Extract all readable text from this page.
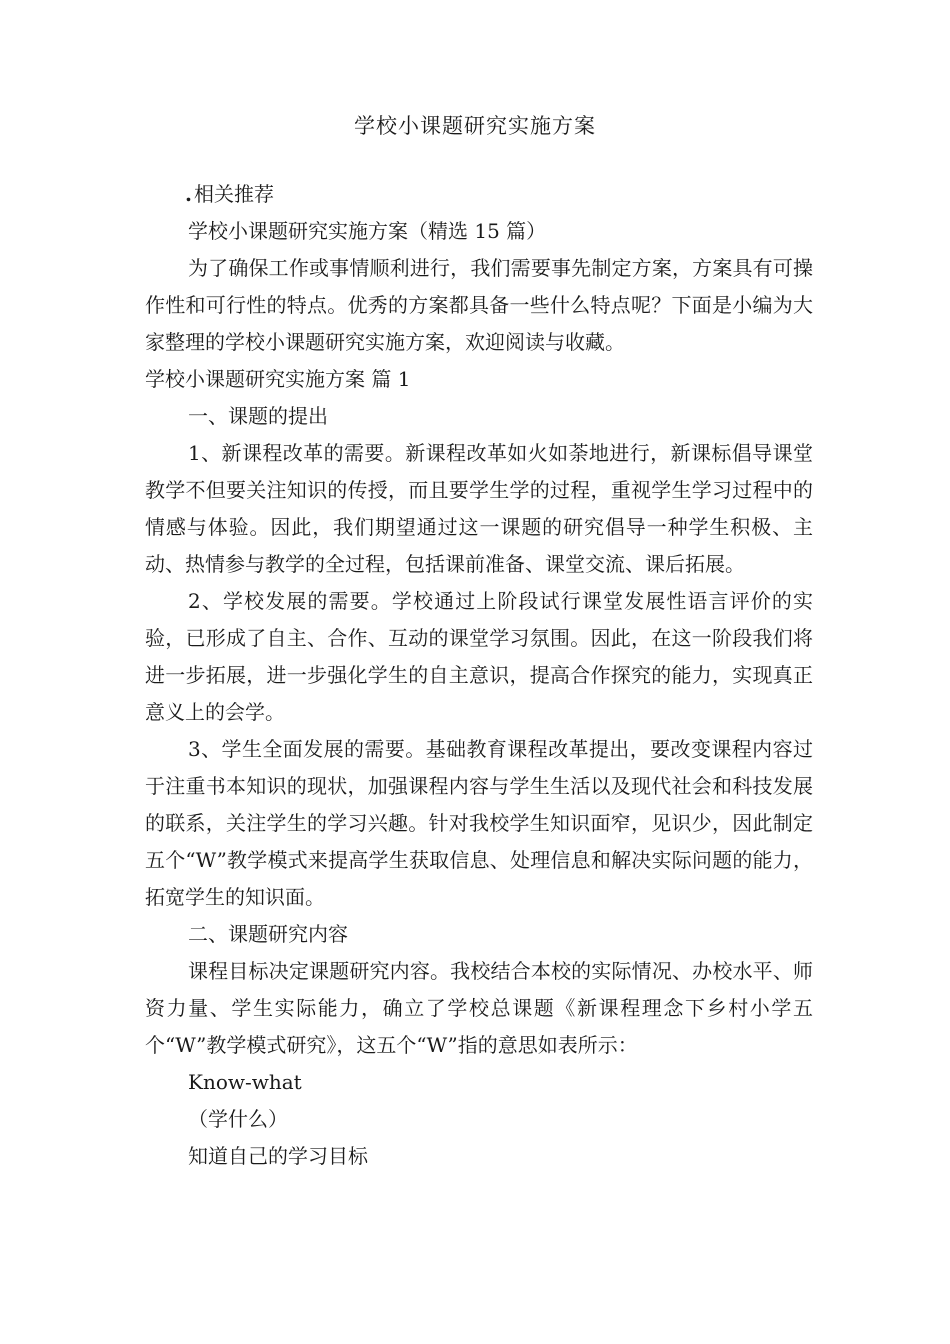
学校小课题研究实施方案

. 相关推荐

学校小课题研究实施方案（精选 15 篇）

为了确保工作或事情顺利进行，我们需要事先制定方案，方案具有可操作性和可行性的特点。优秀的方案都具备一些什么特点呢？下面是小编为大家整理的学校小课题研究实施方案，欢迎阅读与收藏。

学校小课题研究实施方案 篇 1

一、课题的提出

1、新课程改革的需要。新课程改革如火如荼地进行，新课标倡导课堂教学不但要关注知识的传授，而且要学生学的过程，重视学生学习过程中的情感与体验。因此，我们期望通过这一课题的研究倡导一种学生积极、主动、热情参与教学的全过程，包括课前准备、课堂交流、课后拓展。

2、学校发展的需要。学校通过上阶段试行课堂发展性语言评价的实验，已形成了自主、合作、互动的课堂学习氛围。因此，在这一阶段我们将进一步拓展，进一步强化学生的自主意识，提高合作探究的能力，实现真正意义上的会学。

3、学生全面发展的需要。基础教育课程改革提出，要改变课程内容过于注重书本知识的现状，加强课程内容与学生生活以及现代社会和科技发展的联系，关注学生的学习兴趣。针对我校学生知识面窄，见识少，因此制定五个“W”教学模式来提高学生获取信息、处理信息和解决实际问题的能力，拓宽学生的知识面。

二、课题研究内容

课程目标决定课题研究内容。我校结合本校的实际情况、办校水平、师资力量、学生实际能力，确立了学校总课题《新课程理念下乡村小学五个“W”教学模式研究》，这五个“W”指的意思如表所示：

Know-what

（学什么）

知道自己的学习目标
